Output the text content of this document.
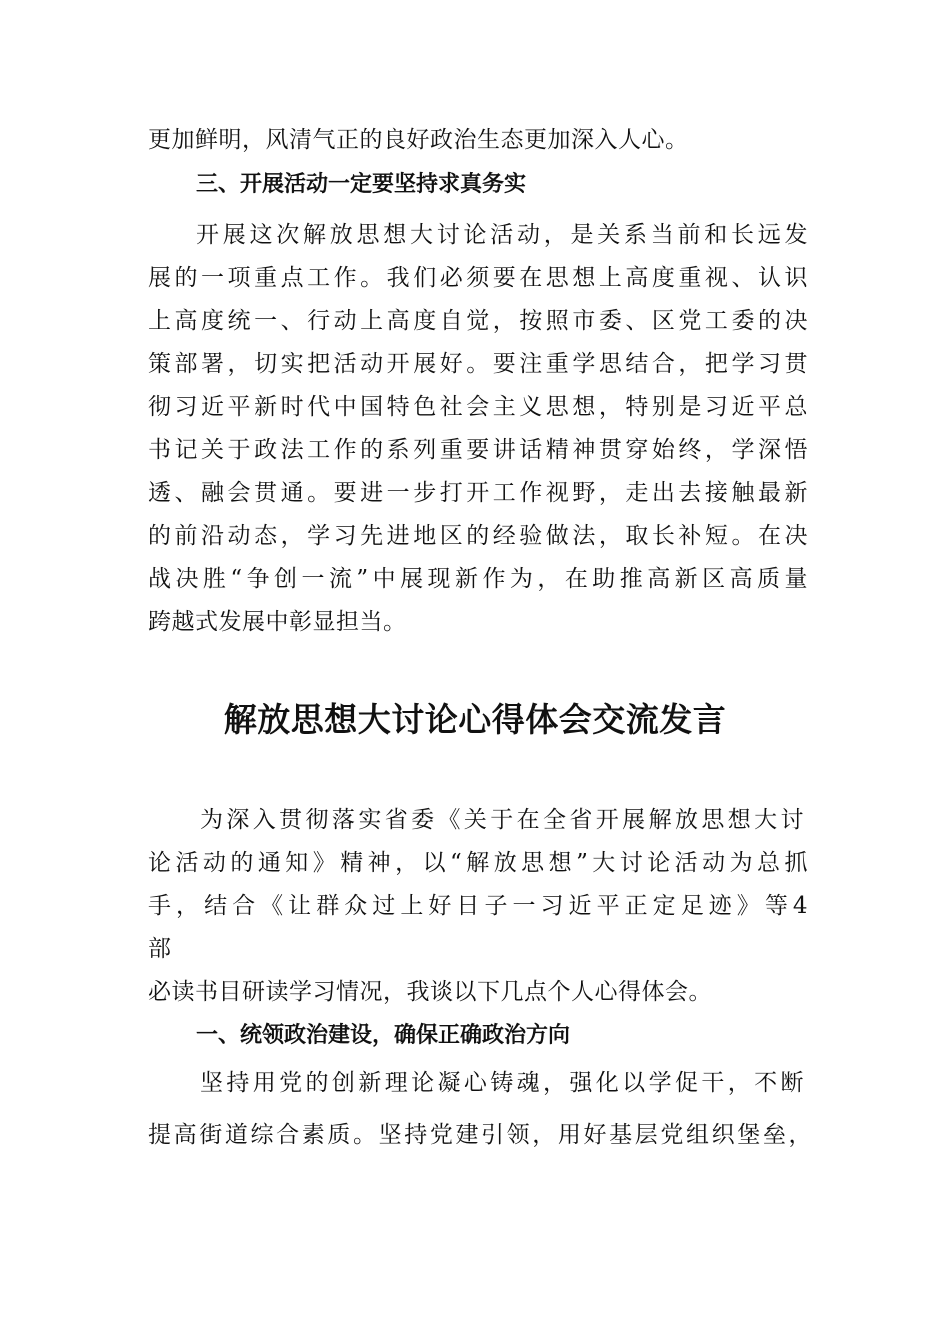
更加鲜明，风清气正的良好政治生态更加深入人心。
三、开展活动一定要坚持求真务实
开展这次解放思想大讨论活动，是关系当前和长远发
展的一项重点工作。我们必须要在思想上高度重视、认识
上高度统一、行动上高度自觉，按照市委、区党工委的决
策部署，切实把活动开展好。要注重学思结合，把学习贯
彻习近平新时代中国特色社会主义思想，特别是习近平总
书记关于政法工作的系列重要讲话精神贯穿始终，学深悟
透、融会贯通。要进一步打开工作视野，走出去接触最新
的前沿动态，学习先进地区的经验做法，取长补短。在决
战决胜“争创一流”中展现新作为，在助推高新区高质量
跨越式发展中彰显担当。
解放思想大讨论心得体会交流发言
为深入贯彻落实省委《关于在全省开展解放思想大讨
论活动的通知》精神，以“解放思想”大讨论活动为总抓
手，结合《让群众过上好日子一习近平正定足迹》等4
部
必读书目研读学习情况，我谈以下几点个人心得体会。
一、统领政治建设，确保正确政治方向
坚持用党的创新理论凝心铸魂，强化以学促干，不断
提高街道综合素质。坚持党建引领，用好基层党组织堡垒，
